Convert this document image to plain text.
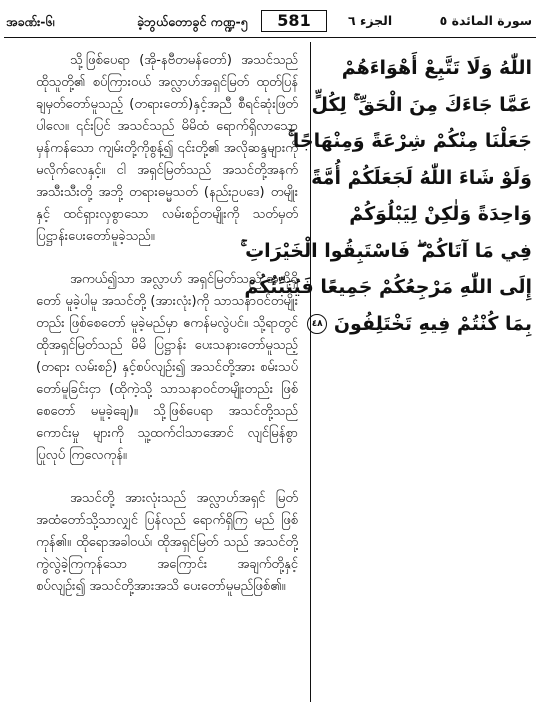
အခဏ်း-၆၊	ခဲ့ဘွယ်တောခွင် ကဏ္ဍ-၅	581	الجزء ٦	سورة المائدة ٥

သို့ဖြစ်ပေရာ (အို-နဗီတမန်တော်) အသင်သည် ထိုသူတို့၏ စပ်ကြားဝယ် အလ္လာဟ်အရှင်မြတ် ထုတ်ပြန် ချမှတ်တော်မူသည့် (တရားတော်)နှင့်အညီ စီရင်ဆုံးဖြတ်ပါလေ။ ၎င်းပြင် အသင်သည် မိမိထံ ရောက်ရှိလာသော မှန်ကန်သော ကျမ်းတို့ကိုစွန့်၍ ၎င်းတို့၏ အလိုဆန္ဒများကို မလိုက်လေနှင့်။ ငါ အရှင်မြတ်သည် အသင်တို့အနက် အသီးသီးတို့ အဘို့ တရားဓမ္မသတ် (နည်းဥပဒေ) တမျိုးနှင့် ထင်ရှားလှစွာသော လမ်းစဉ်တမျိုးကို သတ်မှတ် ပြဋ္ဌာန်းပေးတော်မူခဲ့သည်။

အကယ်၍သာ အလ္လာဟ် အရှင်မြတ်သည် အလိုရှိတော် မူခဲ့ပါမူ အသင်တို့ (အားလုံး)ကို သာသနာဝင်တမျိုးတည်း ဖြစ်စေတော် မူခဲ့မည်မှာ ဧကန်မလွဲပင်။ သို့ရာတွင် ထိုအရှင်မြတ်သည် မိမိ ပြဋ္ဌာန်း ပေးသနားတော်မူသည့် (တရား လမ်းစဉ်) နှင့်စပ်လျဉ်း၍ အသင်တို့အား စမ်းသပ်တော်မူခြင်းငှာ (ထိုကဲ့သို့ သာသနာဝင်တမျိုးတည်း ဖြစ်စေတော် မမူခဲ့ချေ)။ သို့ဖြစ်ပေရာ အသင်တို့သည် ကောင်းမှု များကို သူ့ထက်ငါသာအောင် လျင်မြန်စွာ ပြုလုပ် ကြလေကုန်။

အသင်တို့ အားလုံးသည် အလ္လာဟ်အရှင် မြတ်အထံတော်သို့သာလျှင် ပြန်လည် ရောက်ရှိကြ မည် ဖြစ်ကုန်၏။ ထိုရောအခါဝယ်၊ ထိုအရှင်မြတ် သည် အသင်တို့ ကွဲလွဲခဲ့ကြကုန်သော အကြောင်း အချက်တို့နှင့် စပ်လျဉ်း၍ အသင်တို့အားအသိ ပေးတော်မူမည်ဖြစ်၏။

اللّٰهُ وَلَا تَتَّبِعْ أَهْوَاءَهُمْ
عَمَّا جَاءَكَ مِنَ الْحَقِّ ۚ لِكُلٍّ
جَعَلْنَا مِنْكُمْ شِرْعَةً وَمِنْهَاجًا ۚ
وَلَوْ شَاءَ اللّٰهُ لَجَعَلَكُمْ أُمَّةً
وَاحِدَةً وَلٰكِنْ لِيَبْلُوَكُمْ
فِي مَا آتَاكُمْ ۖ فَاسْتَبِقُوا الْخَيْرَاتِ ۚ
إِلَى اللّٰهِ مَرْجِعُكُمْ جَمِيعًا فَيُنَبِّئُكُمْ
بِمَا كُنْتُمْ فِيهِ تَخْتَلِفُونَ ٤٨
